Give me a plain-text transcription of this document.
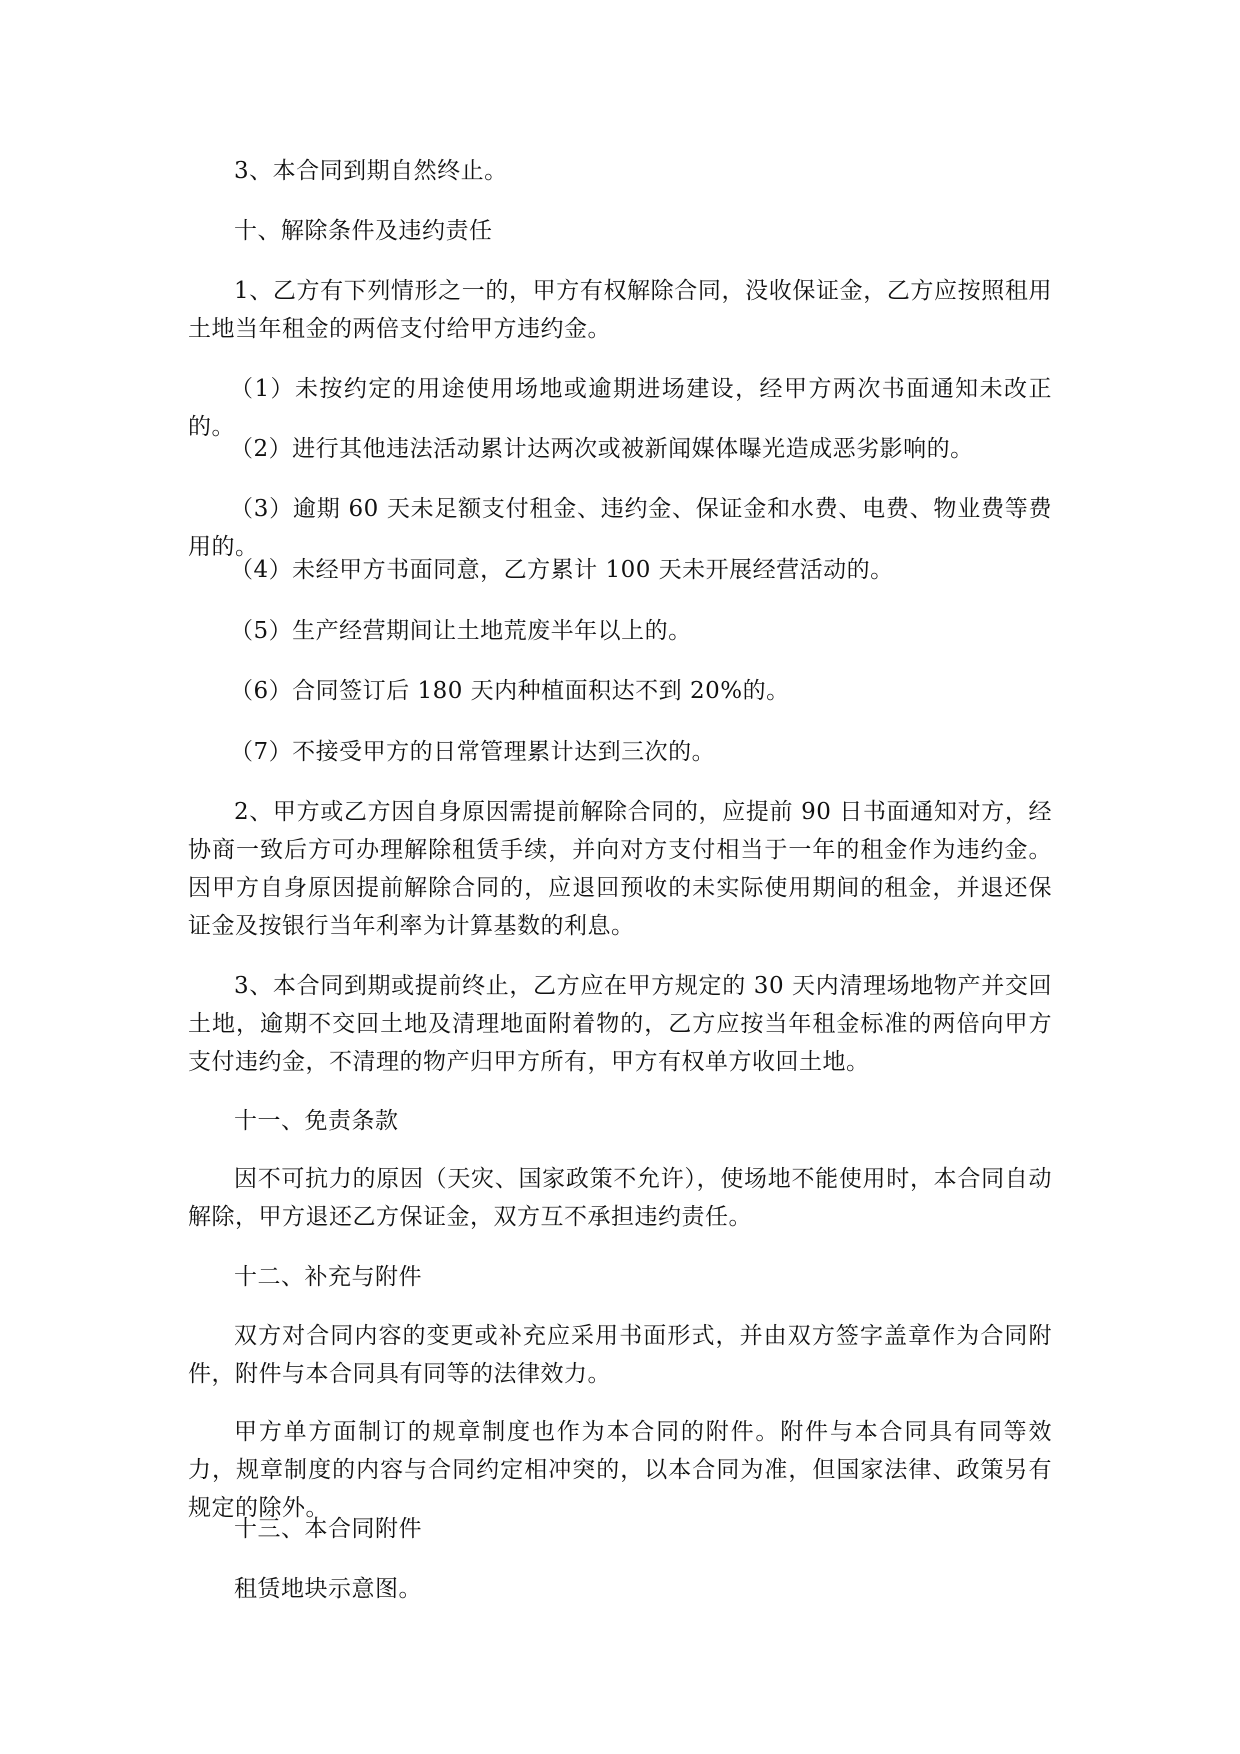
3、本合同到期自然终止。

十、解除条件及违约责任

1、乙方有下列情形之一的，甲方有权解除合同，没收保证金，乙方应按照租用土地当年租金的两倍支付给甲方违约金。

（1）未按约定的用途使用场地或逾期进场建设，经甲方两次书面通知未改正的。

（2）进行其他违法活动累计达两次或被新闻媒体曝光造成恶劣影响的。

（3）逾期 60 天未足额支付租金、违约金、保证金和水费、电费、物业费等费用的。

（4）未经甲方书面同意，乙方累计 100 天未开展经营活动的。

（5）生产经营期间让土地荒废半年以上的。

（6）合同签订后 180 天内种植面积达不到 20%的。

（7）不接受甲方的日常管理累计达到三次的。

2、甲方或乙方因自身原因需提前解除合同的，应提前 90 日书面通知对方，经协商一致后方可办理解除租赁手续，并向对方支付相当于一年的租金作为违约金。因甲方自身原因提前解除合同的，应退回预收的未实际使用期间的租金，并退还保证金及按银行当年利率为计算基数的利息。

3、本合同到期或提前终止，乙方应在甲方规定的 30 天内清理场地物产并交回土地，逾期不交回土地及清理地面附着物的，乙方应按当年租金标准的两倍向甲方支付违约金，不清理的物产归甲方所有，甲方有权单方收回土地。

十一、免责条款

因不可抗力的原因（天灾、国家政策不允许），使场地不能使用时，本合同自动解除，甲方退还乙方保证金，双方互不承担违约责任。

十二、补充与附件

双方对合同内容的变更或补充应采用书面形式，并由双方签字盖章作为合同附件，附件与本合同具有同等的法律效力。

甲方单方面制订的规章制度也作为本合同的附件。附件与本合同具有同等效力，规章制度的内容与合同约定相冲突的，以本合同为准，但国家法律、政策另有规定的除外。

十三、本合同附件

租赁地块示意图。
